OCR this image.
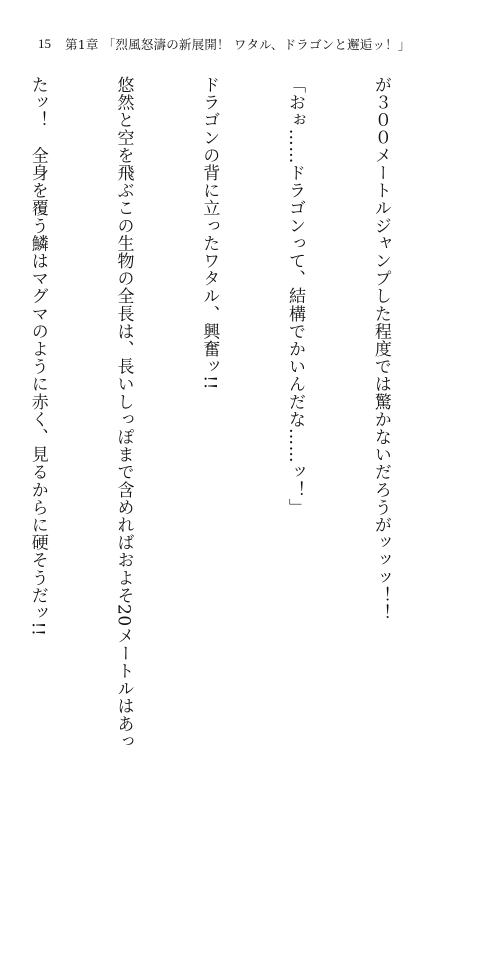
15 第1章 「烈風怒濤の新展開！ ワタル、ドラゴンと邂逅ッ！」

が３００メートルジャンプした程度では驚かないだろうがッッッ！！

「おぉ……ドラゴンって、結構でかいんだな……ッ！」

ドラゴンの背に立ったワタル、興奮ッ!!

悠然と空を飛ぶこの生物の全長は、長いしっぽまで含めればおよそ20メートルはあっ

たッ！　全身を覆う鱗はマグマのように赤く、見るからに硬そうだッ!!
